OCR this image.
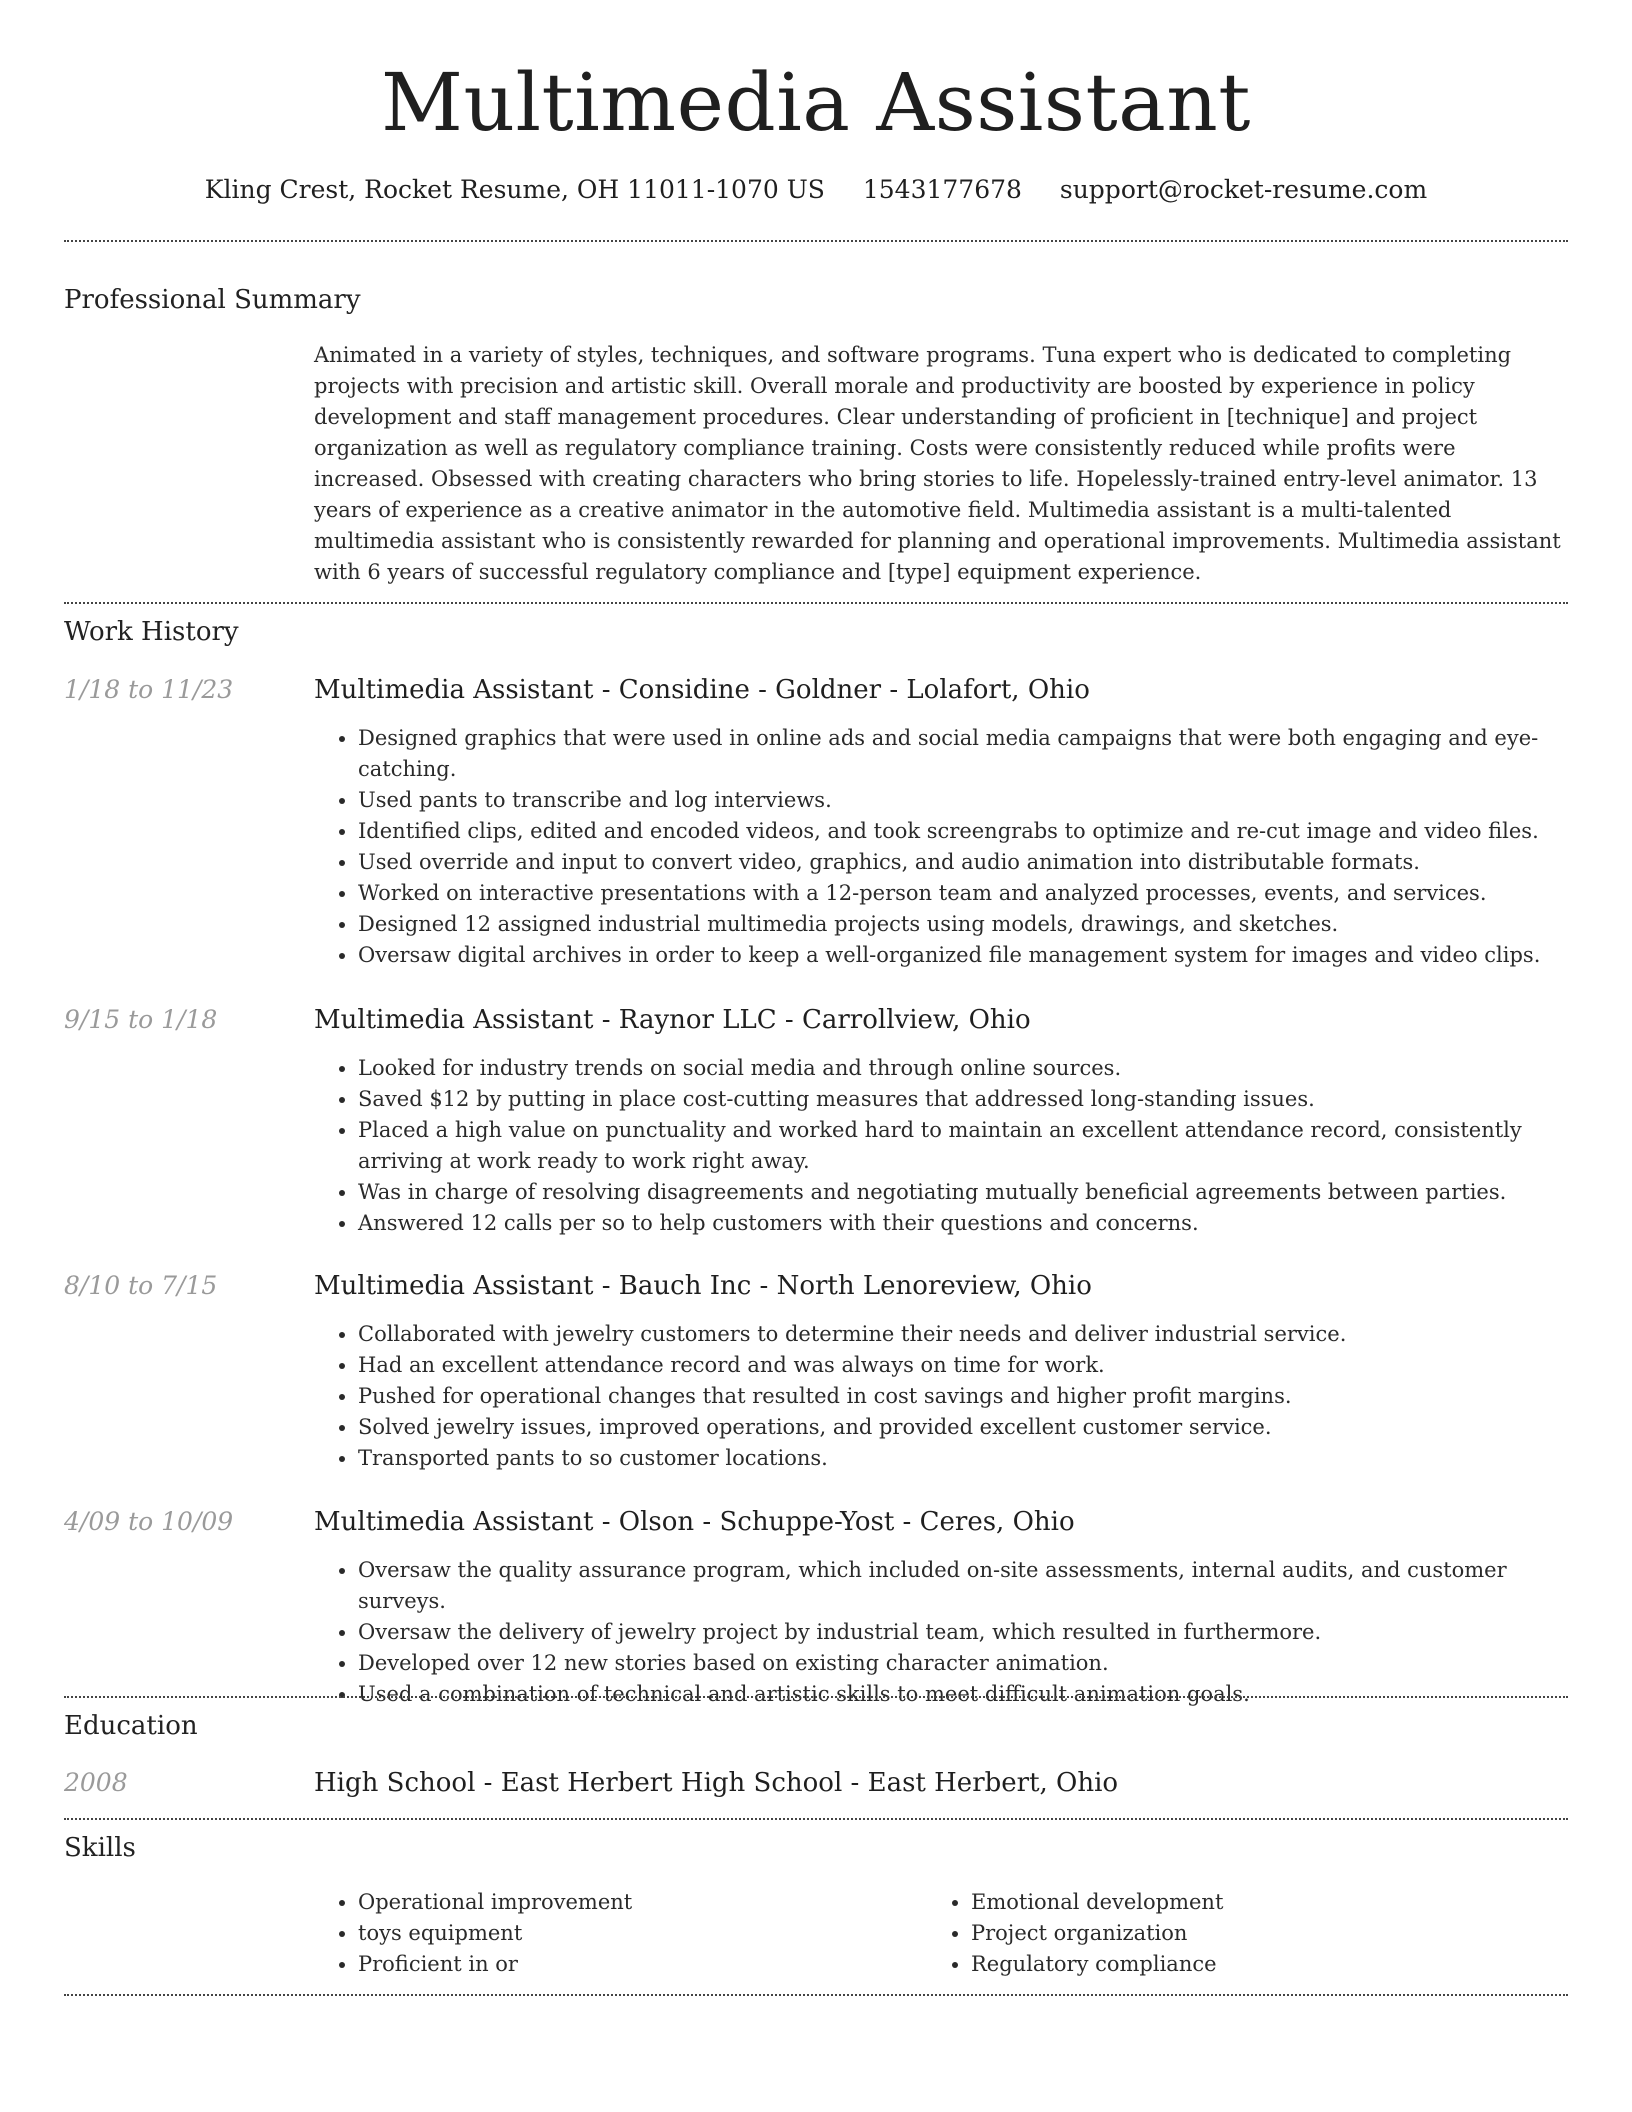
Multimedia Assistant
Kling Crest, Rocket Resume, OH 11011-1070 US 1543177678 support@rocket-resume.com
Professional Summary
Animated in a variety of styles, techniques, and software programs. Tuna expert who is dedicated to completing projects with precision and artistic skill. Overall morale and productivity are boosted by experience in policy development and staff management procedures. Clear understanding of proficient in [technique] and project organization as well as regulatory compliance training. Costs were consistently reduced while profits were increased. Obsessed with creating characters who bring stories to life. Hopelessly-trained entry-level animator. 13 years of experience as a creative animator in the automotive field. Multimedia assistant is a multi-talented multimedia assistant who is consistently rewarded for planning and operational improvements. Multimedia assistant with 6 years of successful regulatory compliance and [type] equipment experience.
Work History
1/18 to 11/23	Multimedia Assistant - Considine - Goldner - Lolafort, Ohio
• Designed graphics that were used in online ads and social media campaigns that were both engaging and eye-catching.
• Used pants to transcribe and log interviews.
• Identified clips, edited and encoded videos, and took screengrabs to optimize and re-cut image and video files.
• Used override and input to convert video, graphics, and audio animation into distributable formats.
• Worked on interactive presentations with a 12-person team and analyzed processes, events, and services.
• Designed 12 assigned industrial multimedia projects using models, drawings, and sketches.
• Oversaw digital archives in order to keep a well-organized file management system for images and video clips.
9/15 to 1/18	Multimedia Assistant - Raynor LLC - Carrollview, Ohio
• Looked for industry trends on social media and through online sources.
• Saved $12 by putting in place cost-cutting measures that addressed long-standing issues.
• Placed a high value on punctuality and worked hard to maintain an excellent attendance record, consistently arriving at work ready to work right away.
• Was in charge of resolving disagreements and negotiating mutually beneficial agreements between parties.
• Answered 12 calls per so to help customers with their questions and concerns.
8/10 to 7/15	Multimedia Assistant - Bauch Inc - North Lenoreview, Ohio
• Collaborated with jewelry customers to determine their needs and deliver industrial service.
• Had an excellent attendance record and was always on time for work.
• Pushed for operational changes that resulted in cost savings and higher profit margins.
• Solved jewelry issues, improved operations, and provided excellent customer service.
• Transported pants to so customer locations.
4/09 to 10/09	Multimedia Assistant - Olson - Schuppe-Yost - Ceres, Ohio
• Oversaw the quality assurance program, which included on-site assessments, internal audits, and customer surveys.
• Oversaw the delivery of jewelry project by industrial team, which resulted in furthermore.
• Developed over 12 new stories based on existing character animation.
• Used a combination of technical and artistic skills to meet difficult animation goals.
Education
2008	High School - East Herbert High School - East Herbert, Ohio
Skills
• Operational improvement
• toys equipment
• Proficient in or
• Emotional development
• Project organization
• Regulatory compliance
